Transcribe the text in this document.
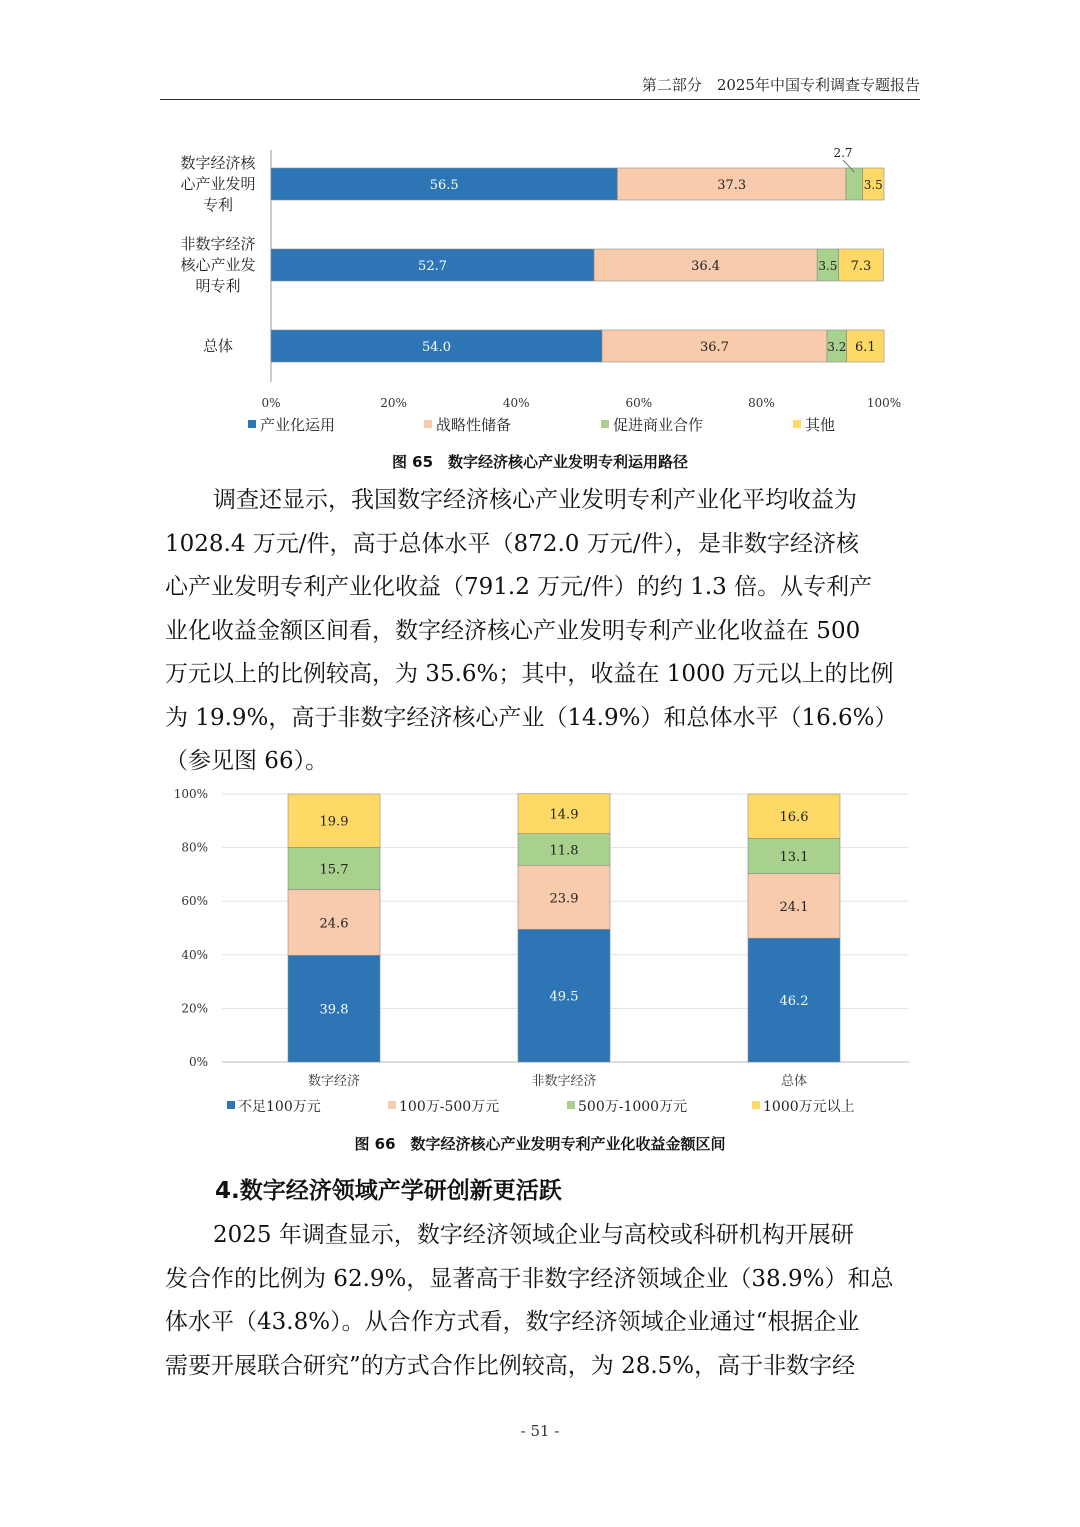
第二部分　2025年中国专利调查专题报告
56.5	37.3
2.7
3.5
52.7	36.4	3.5 7.3
54.0	36.7	3.2 6.1
数字经济核
心产业发明
专利
非数字经济
核心产业发
明专利
总体
0%	20%	40%	60%	80%	100%
产业化运用	战略性储备	促进商业合作	其他
图 65　数字经济核心产业发明专利运用路径
调查还显示，我国数字经济核心产业发明专利产业化平均收益为
1028.4 万元/件，高于总体水平（872.0 万元/件），是非数字经济核
心产业发明专利产业化收益（791.2 万元/件）的约 1.3 倍。从专利产
业化收益金额区间看，数字经济核心产业发明专利产业化收益在 500
万元以上的比例较高，为 35.6%；其中，收益在 1000 万元以上的比例
为 19.9%，高于非数字经济核心产业（14.9%）和总体水平（16.6%）
（参见图 66）。
39.8
24.6
15.7
19.9
49.5
23.9
11.8
14.9
46.2
24.1
13.1
16.6
0%
20%
40%
60%
80%
100%
数字经济	非数字经济	总体
不足100万元	100万-500万元	500万-1000万元	1000万元以上
图 66　数字经济核心产业发明专利产业化收益金额区间
4.数字经济领域产学研创新更活跃
2025 年调查显示，数字经济领域企业与高校或科研机构开展研
发合作的比例为 62.9%，显著高于非数字经济领域企业（38.9%）和总
体水平（43.8%）。从合作方式看，数字经济领域企业通过“根据企业
需要开展联合研究”的方式合作比例较高，为 28.5%，高于非数字经
- 51 -
